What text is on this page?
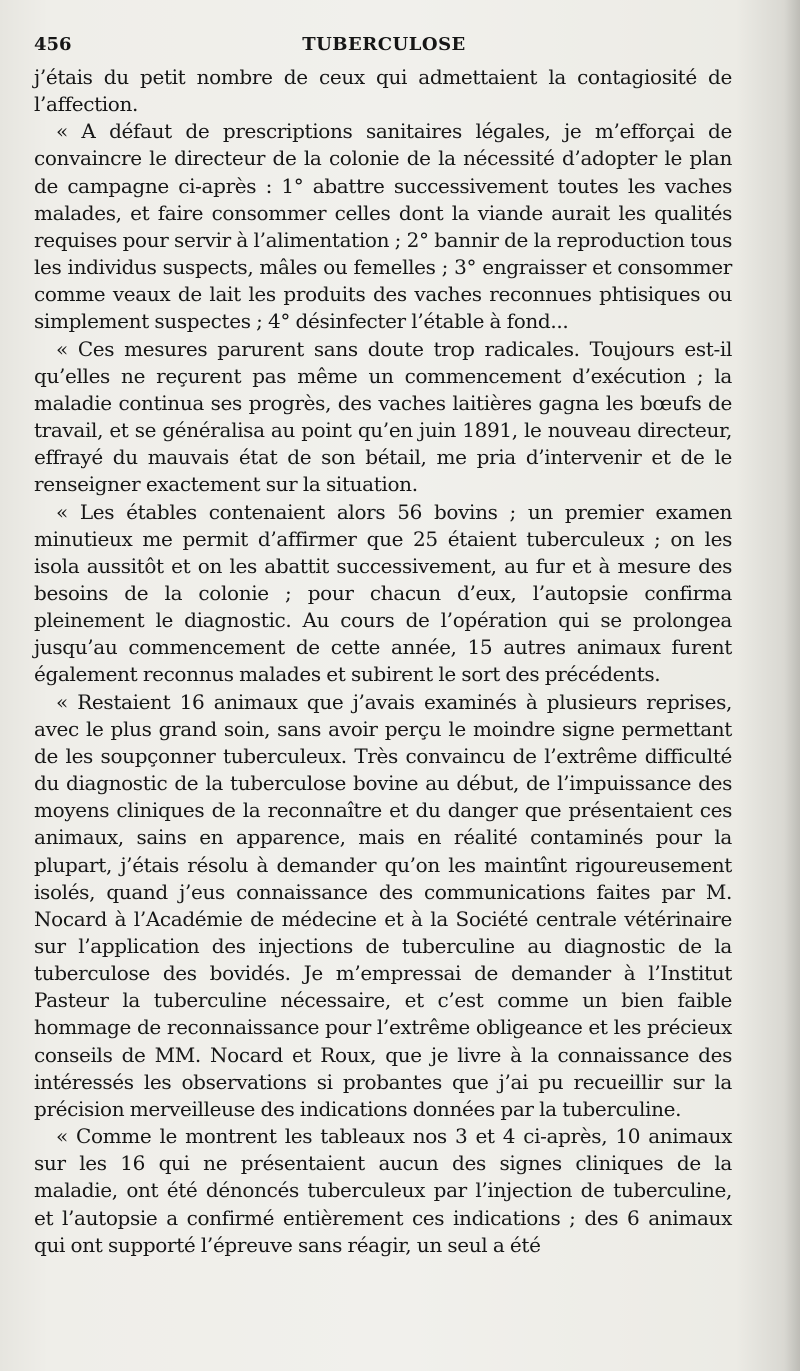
456	TUBERCULOSE

j’étais du petit nombre de ceux qui admettaient la contagiosité de l’affection.

« A défaut de prescriptions sanitaires légales, je m’efforçai de convaincre le directeur de la colonie de la nécessité d’adopter le plan de campagne ci-après : 1° abattre successivement toutes les vaches malades, et faire consommer celles dont la viande aurait les qualités requises pour servir à l’alimentation ; 2° bannir de la reproduction tous les individus suspects, mâles ou femelles ; 3° engraisser et consommer comme veaux de lait les produits des vaches reconnues phtisiques ou simplement suspectes ; 4° désinfecter l’étable à fond...

« Ces mesures parurent sans doute trop radicales. Toujours est-il qu’elles ne reçurent pas même un commencement d’exécution ; la maladie continua ses progrès, des vaches laitières gagna les bœufs de travail, et se généralisa au point qu’en juin 1891, le nouveau directeur, effrayé du mauvais état de son bétail, me pria d’intervenir et de le renseigner exactement sur la situation.

« Les étables contenaient alors 56 bovins ; un premier examen minutieux me permit d’affirmer que 25 étaient tuberculeux ; on les isola aussitôt et on les abattit successivement, au fur et à mesure des besoins de la colonie ; pour chacun d’eux, l’autopsie confirma pleinement le diagnostic. Au cours de l’opération qui se prolongea jusqu’au commencement de cette année, 15 autres animaux furent également reconnus malades et subirent le sort des précédents.

« Restaient 16 animaux que j’avais examinés à plusieurs reprises, avec le plus grand soin, sans avoir perçu le moindre signe permettant de les soupçonner tuberculeux. Très convaincu de l’extrême difficulté du diagnostic de la tuberculose bovine au début, de l’impuissance des moyens cliniques de la reconnaître et du danger que présentaient ces animaux, sains en apparence, mais en réalité contaminés pour la plupart, j’étais résolu à demander qu’on les maintînt rigoureusement isolés, quand j’eus connaissance des communications faites par M. Nocard à l’Académie de médecine et à la Société centrale vétérinaire sur l’application des injections de tuberculine au diagnostic de la tuberculose des bovidés. Je m’empressai de demander à l’Institut Pasteur la tuberculine nécessaire, et c’est comme un bien faible hommage de reconnaissance pour l’extrême obligeance et les précieux conseils de MM. Nocard et Roux, que je livre à la connaissance des intéressés les observations si probantes que j’ai pu recueillir sur la précision merveilleuse des indications données par la tuberculine.

« Comme le montrent les tableaux nos 3 et 4 ci-après, 10 animaux sur les 16 qui ne présentaient aucun des signes cliniques de la maladie, ont été dénoncés tuberculeux par l’injection de tuberculine, et l’autopsie a confirmé entièrement ces indications ; des 6 animaux qui ont supporté l’épreuve sans réagir, un seul a été
